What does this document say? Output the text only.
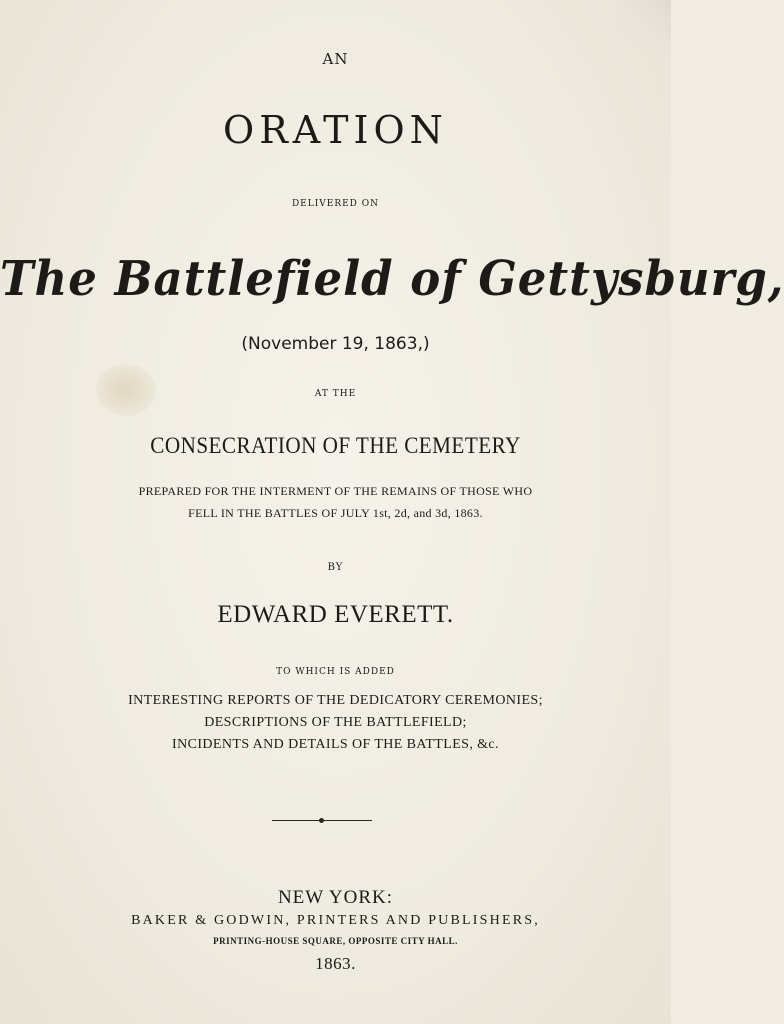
AN
ORATION
DELIVERED ON
The Battlefield of Gettysburg,
(November 19, 1863,)
AT THE
CONSECRATION OF THE CEMETERY
PREPARED FOR THE INTERMENT OF THE REMAINS OF THOSE WHO
FELL IN THE BATTLES OF JULY 1st, 2d, and 3d, 1863.
BY
EDWARD EVERETT.
TO WHICH IS ADDED
INTERESTING REPORTS OF THE DEDICATORY CEREMONIES;
DESCRIPTIONS OF THE BATTLEFIELD;
INCIDENTS AND DETAILS OF THE BATTLES, &c.
NEW YORK:
BAKER & GODWIN, PRINTERS AND PUBLISHERS,
PRINTING-HOUSE SQUARE, OPPOSITE CITY HALL.
1863.
